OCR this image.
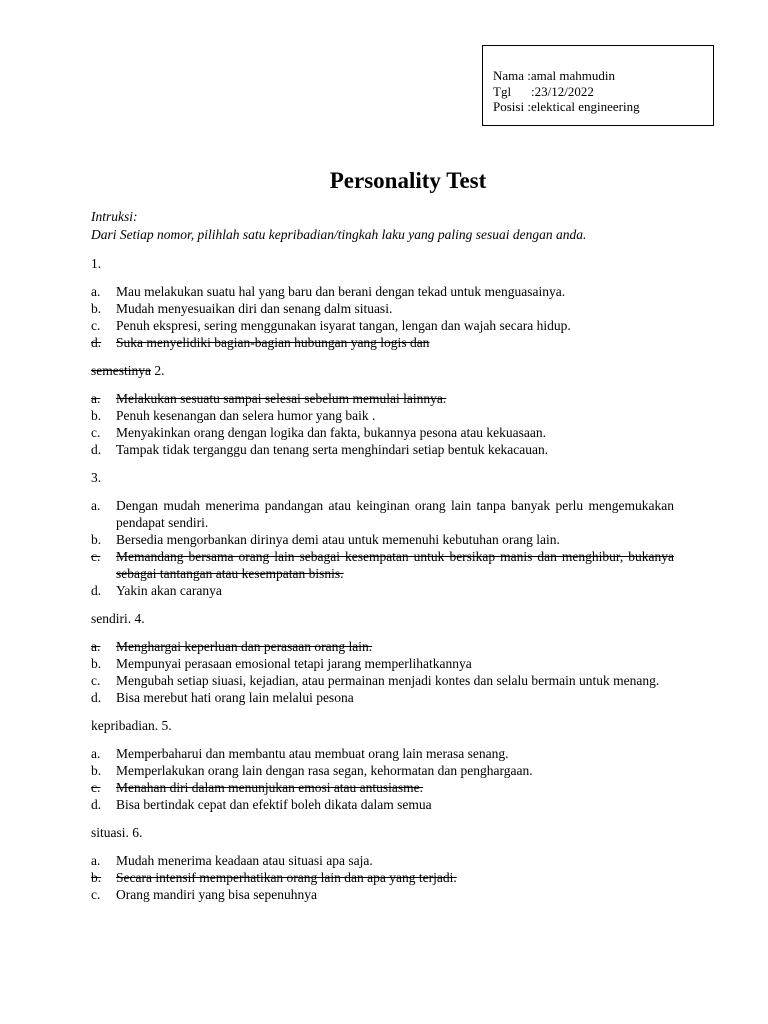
Nama :amal mahmudin
Tgl :23/12/2022
Posisi :elektical engineering
Personality Test

Intruksi:

Dari Setiap nomor, pilihlah satu kepribadian/tingkah laku yang paling sesuai dengan anda.

1.
a. Mau melakukan suatu hal yang baru dan berani dengan tekad untuk menguasainya.
b. Mudah menyesuaikan diri dan senang dalm situasi.
c. Penuh ekspresi, sering menggunakan isyarat tangan, lengan dan wajah secara hidup.
d. Suka menyelidiki bagian-bagian hubungan yang logis dan
semestinya 2.
a. Melakukan sesuatu sampai selesai sebelum memulai lainnya.
b. Penuh kesenangan dan selera humor yang baik .
c. Menyakinkan orang dengan logika dan fakta, bukannya pesona atau kekuasaan.
d. Tampak tidak terganggu dan tenang serta menghindari setiap bentuk kekacauan.
3.
a. Dengan mudah menerima pandangan atau keinginan orang lain tanpa banyak perlu mengemukakan pendapat sendiri.
b. Bersedia mengorbankan dirinya demi atau untuk memenuhi kebutuhan orang lain.
c. Memandang bersama orang lain sebagai kesempatan untuk bersikap manis dan menghibur, bukanya sebagai tantangan atau kesempatan bisnis.
d. Yakin akan caranya
sendiri. 4.
a. Menghargai keperluan dan perasaan orang lain.
b. Mempunyai perasaan emosional tetapi jarang memperlihatkannya
c. Mengubah setiap siuasi, kejadian, atau permainan menjadi kontes dan selalu bermain untuk menang.
d. Bisa merebut hati orang lain melalui pesona
kepribadian. 5.
a. Memperbaharui dan membantu atau membuat orang lain merasa senang.
b. Memperlakukan orang lain dengan rasa segan, kehormatan dan penghargaan.
c. Menahan diri dalam menunjukan emosi atau antusiasme.
d. Bisa bertindak cepat dan efektif boleh dikata dalam semua
situasi. 6.
a. Mudah menerima keadaan atau situasi apa saja.
b. Secara intensif memperhatikan orang lain dan apa yang terjadi.
c. Orang mandiri yang bisa sepenuhnya
